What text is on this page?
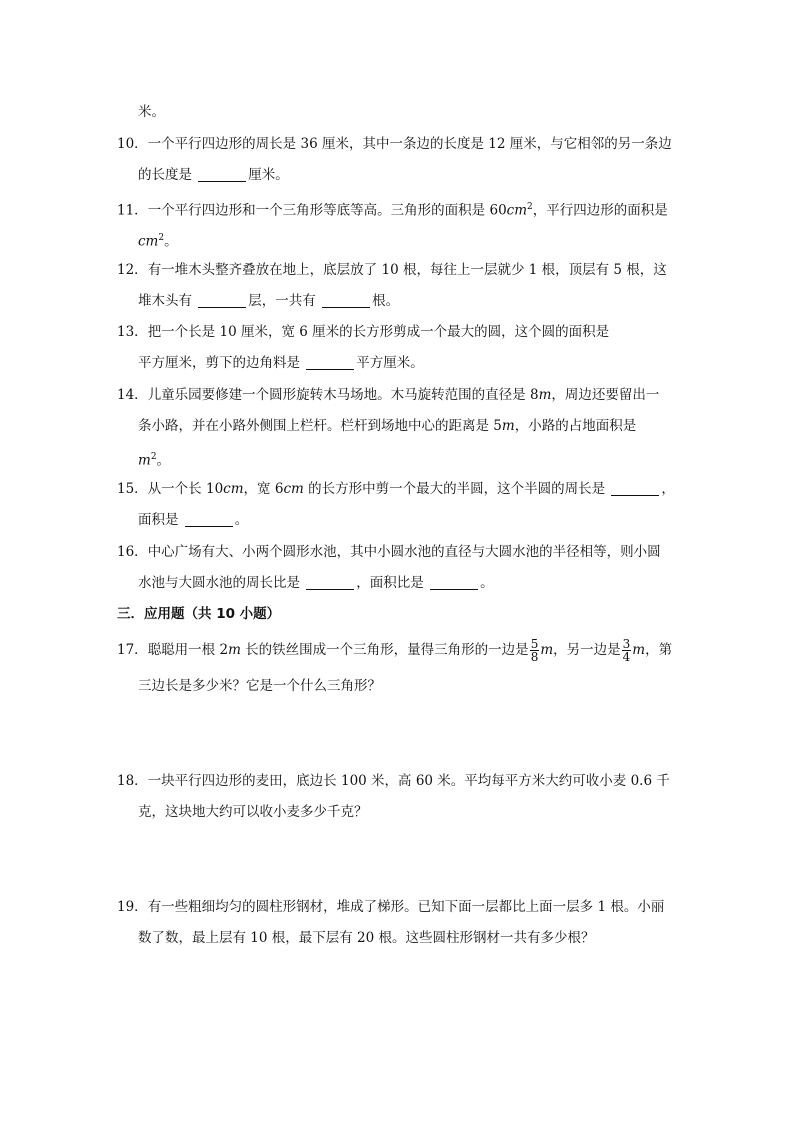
米。
10．一个平行四边形的周长是 36 厘米，其中一条边的长度是 12 厘米，与它相邻的另一条边
的长度是	厘米。
11．一个平行四边形和一个三角形等底等高。三角形的面积是 $60cm^2$，平行四边形的面积是
$cm^2$。
12．有一堆木头整齐叠放在地上，底层放了 10 根，每往上一层就少 1 根，顶层有 5 根，这
堆木头有	层，一共有	根。
13．把一个长是 10 厘米，宽 6 厘米的长方形剪成一个最大的圆，这个圆的面积是
平方厘米，剪下的边角料是	平方厘米。
14．儿童乐园要修建一个圆形旋转木马场地。木马旋转范围的直径是 8m，周边还要留出一
条小路，并在小路外侧围上栏杆。栏杆到场地中心的距离是 5m，小路的占地面积是
$m^2$。
15．从一个长 10cm，宽 6cm 的长方形中剪一个最大的半圆，这个半圆的周长是	，
面积是	。
16．中心广场有大、小两个圆形水池，其中小圆水池的直径与大圆水池的半径相等，则小圆
水池与大圆水池的周长比是	，面积比是	。
三．应用题（共 10 小题）
17．聪聪用一根 2m 长的铁丝围成一个三角形，量得三角形的一边是 $\frac{5}{8}$ m，另一边是 $\frac{3}{4}$ m，第
三边长是多少米？它是一个什么三角形？
18．一块平行四边形的麦田，底边长 100 米，高 60 米。平均每平方米大约可收小麦 0.6 千
克，这块地大约可以收小麦多少千克？
19．有一些粗细均匀的圆柱形钢材，堆成了梯形。已知下面一层都比上面一层多 1 根。小丽
数了数，最上层有 10 根，最下层有 20 根。这些圆柱形钢材一共有多少根？
